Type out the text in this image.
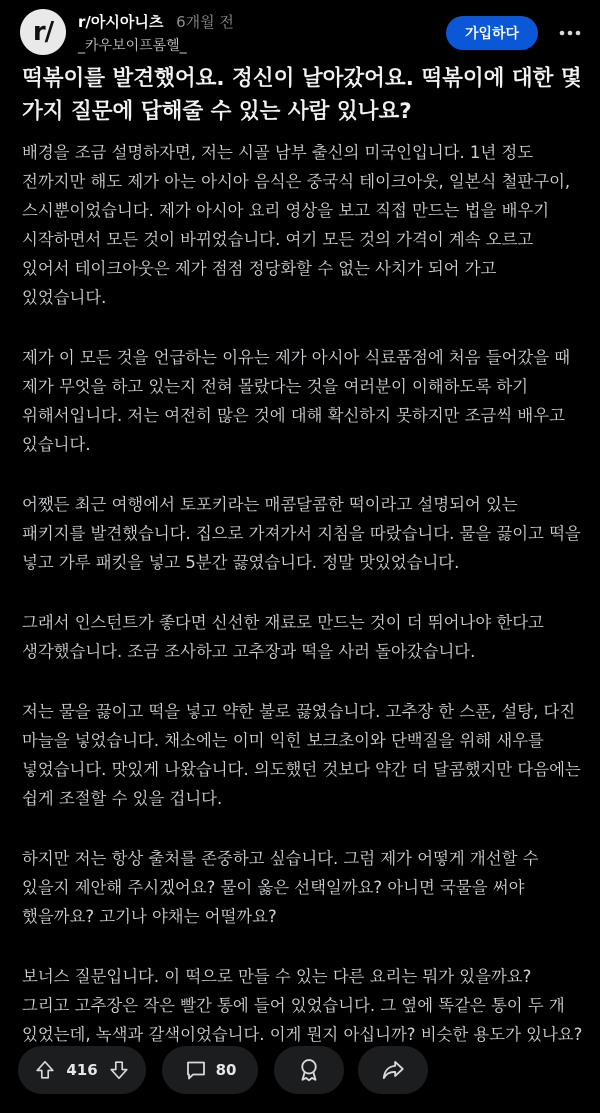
r/	r/아시아니츠 6개월 전
_카우보이프롬헬_
가입하다
떡볶이를 발견했어요. 정신이 날아갔어요. 떡볶이에 대한 몇 가지 질문에 답해줄 수 있는 사람 있나요?

배경을 조금 설명하자면, 저는 시골 남부 출신의 미국인입니다. 1년 정도 전까지만 해도 제가 아는 아시아 음식은 중국식 테이크아웃, 일본식 철판구이, 스시뿐이었습니다. 제가 아시아 요리 영상을 보고 직접 만드는 법을 배우기 시작하면서 모든 것이 바뀌었습니다. 여기 모든 것의 가격이 계속 오르고 있어서 테이크아웃은 제가 점점 정당화할 수 없는 사치가 되어 가고 있었습니다.

제가 이 모든 것을 언급하는 이유는 제가 아시아 식료품점에 처음 들어갔을 때 제가 무엇을 하고 있는지 전혀 몰랐다는 것을 여러분이 이해하도록 하기 위해서입니다. 저는 여전히 많은 것에 대해 확신하지 못하지만 조금씩 배우고 있습니다.

어쨌든 최근 여행에서 토포키라는 매콤달콤한 떡이라고 설명되어 있는 패키지를 발견했습니다. 집으로 가져가서 지침을 따랐습니다. 물을 끓이고 떡을 넣고 가루 패킷을 넣고 5분간 끓였습니다. 정말 맛있었습니다.

그래서 인스턴트가 좋다면 신선한 재료로 만드는 것이 더 뛰어나야 한다고 생각했습니다. 조금 조사하고 고추장과 떡을 사러 돌아갔습니다.

저는 물을 끓이고 떡을 넣고 약한 불로 끓였습니다. 고추장 한 스푼, 설탕, 다진 마늘을 넣었습니다. 채소에는 이미 익힌 보크초이와 단백질을 위해 새우를 넣었습니다. 맛있게 나왔습니다. 의도했던 것보다 약간 더 달콤했지만 다음에는 쉽게 조절할 수 있을 겁니다.

하지만 저는 항상 출처를 존중하고 싶습니다. 그럼 제가 어떻게 개선할 수 있을지 제안해 주시겠어요? 물이 옳은 선택일까요? 아니면 국물을 써야 했을까요? 고기나 야채는 어떨까요?

보너스 질문입니다. 이 떡으로 만들 수 있는 다른 요리는 뭐가 있을까요? 그리고 고추장은 작은 빨간 통에 들어 있었습니다. 그 옆에 똑같은 통이 두 개 있었는데, 녹색과 갈색이었습니다. 이게 뭔지 아십니까? 비슷한 용도가 있나요?

416	80
